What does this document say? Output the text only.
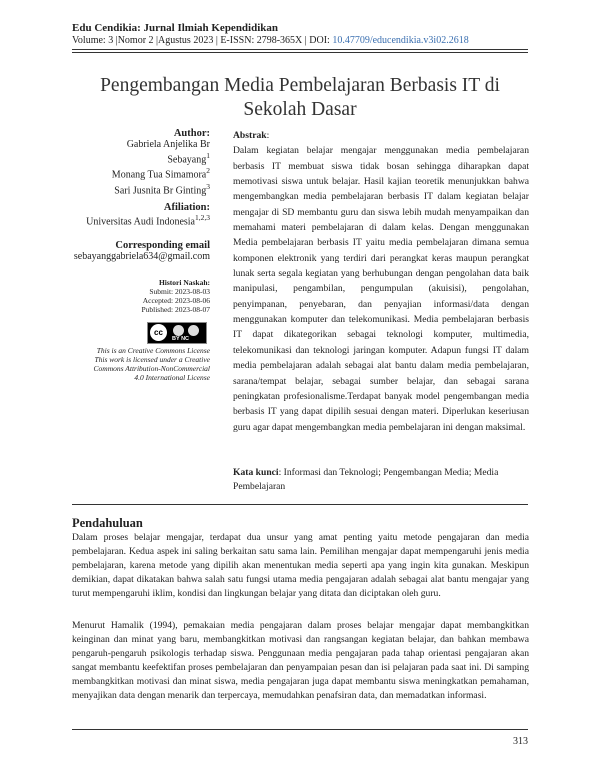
Edu Cendikia: Jurnal Ilmiah Kependidikan
Volume: 3 |Nomor 2 |Agustus 2023 | E-ISSN: 2798-365X | DOI: 10.47709/educendikia.v3i02.2618
Pengembangan Media Pembelajaran Berbasis IT di
Sekolah Dasar
Author:
Gabriela Anjelika Br
Sebayang$^1$
Monang Tua Simamora$^2$
Sari Jusnita Br Ginting$^3$
Afiliation:
Universitas Audi Indonesia$^{1,2,3}$
Corresponding email
sebayanggabriela634@gmail.com
Histori Naskah:
Submit: 2023-08-03
Accepted: 2023-08-06
Published: 2023-08-07
cc
BY NC
This is an Creative Commons License
This work is licensed under a Creative
Commons Attribution-NonCommercial
4.0 International License
Abstrak:
Dalam kegiatan belajar mengajar menggunakan media pembelajaran berbasis IT membuat siswa tidak bosan sehingga diharapkan dapat memotivasi siswa untuk belajar. Hasil kajian teoretik menunjukkan bahwa mengembangkan media pembelajaran berbasis IT dalam kegiatan belajar mengajar di SD membantu guru dan siswa lebih mudah menyampaikan dan memahami materi pembelajaran di dalam kelas. Dengan menggunakan Media pembelajaran berbasis IT yaitu media pembelajaran dimana semua komponen elektronik yang terdiri dari perangkat keras maupun perangkat lunak serta segala kegiatan yang berhubungan dengan pengolahan data baik manipulasi, pengambilan, pengumpulan (akuisisi), pengolahan, penyimpanan, penyebaran, dan penyajian informasi/data dengan menggunakan komputer dan telekomunikasi. Media pembelajaran berbasis IT dapat dikategorikan sebagai teknologi komputer, multimedia, telekomunikasi dan teknologi jaringan komputer. Adapun fungsi IT dalam media pembelajaran adalah sebagai alat bantu dalam media pembelajaran, sarana/tempat belajar, sebagai sumber belajar, dan sebagai sarana peningkatan profesionalisme.Terdapat banyak model pengembangan media berbasis IT yang dapat dipilih sesuai dengan materi. Diperlukan keseriusan guru agar dapat mengembangkan media pembelajaran ini dengan maksimal.
Kata kunci: Informasi dan Teknologi; Pengembangan Media; Media Pembelajaran
Pendahuluan
Dalam proses belajar mengajar, terdapat dua unsur yang amat penting yaitu metode pengajaran dan media pembelajaran. Kedua aspek ini saling berkaitan satu sama lain. Pemilihan mengajar dapat mempengaruhi jenis media pembelajaran, karena metode yang dipilih akan menentukan media seperti apa yang ingin kita gunakan. Meskipun demikian, dapat dikatakan bahwa salah satu fungsi utama media pengajaran adalah sebagai alat bantu mengajar yang turut mempengaruhi iklim, kondisi dan lingkungan belajar yang ditata dan diciptakan oleh guru.
Menurut Hamalik (1994), pemakaian media pengajaran dalam proses belajar mengajar dapat membangkitkan keinginan dan minat yang baru, membangkitkan motivasi dan rangsangan kegiatan belajar, dan bahkan membawa pengaruh-pengaruh psikologis terhadap siswa. Penggunaan media pengajaran pada tahap orientasi pengajaran akan sangat membantu keefektifan proses pembelajaran dan penyampaian pesan dan isi pelajaran pada saat ini. Di samping membangkitkan motivasi dan minat siswa, media pengajaran juga dapat membantu siswa meningkatkan pemahaman, menyajikan data dengan menarik dan terpercaya, memudahkan penafsiran data, dan memadatkan informasi.
313
